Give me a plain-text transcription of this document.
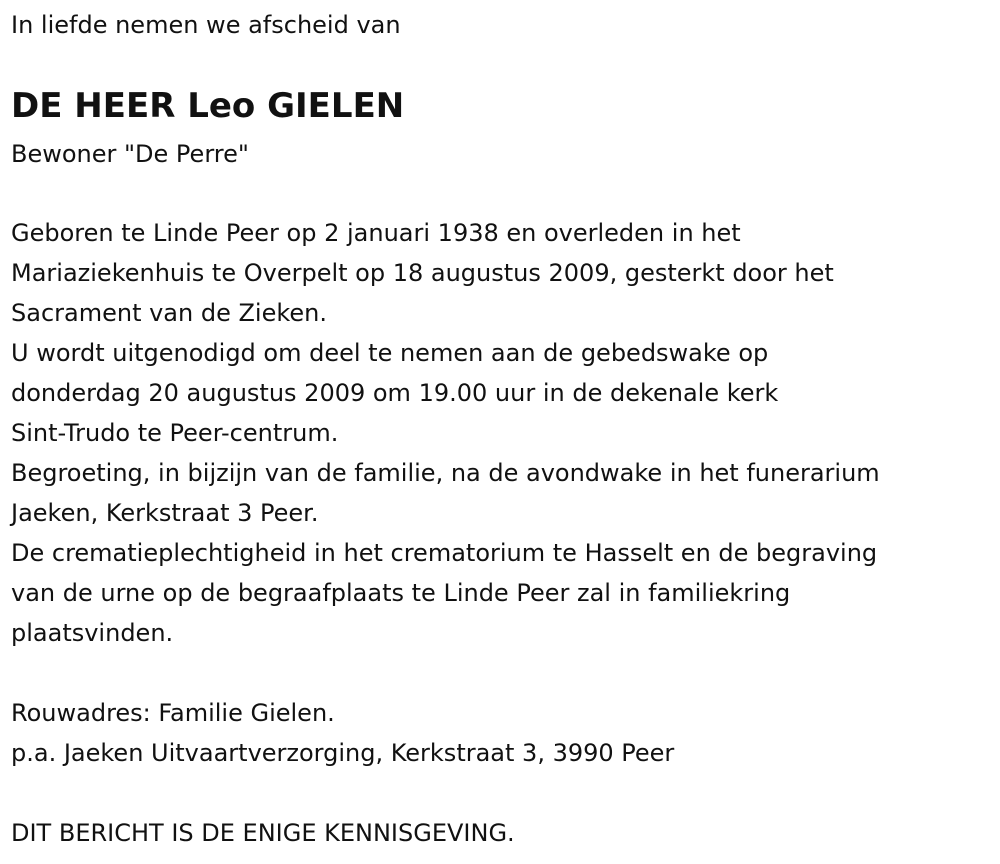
In liefde nemen we afscheid van
DE HEER Leo GIELEN
Bewoner "De Perre"
Geboren te Linde Peer op 2 januari 1938 en overleden in het
Mariaziekenhuis te Overpelt op 18 augustus 2009, gesterkt door het
Sacrament van de Zieken.
U wordt uitgenodigd om deel te nemen aan de gebedswake op
donderdag 20 augustus 2009 om 19.00 uur in de dekenale kerk
Sint-Trudo te Peer-centrum.
Begroeting, in bijzijn van de familie, na de avondwake in het funerarium
Jaeken, Kerkstraat 3 Peer.
De crematieplechtigheid in het crematorium te Hasselt en de begraving
van de urne op de begraafplaats te Linde Peer zal in familiekring
plaatsvinden.
Rouwadres: Familie Gielen.
p.a. Jaeken Uitvaartverzorging, Kerkstraat 3, 3990 Peer
DIT BERICHT IS DE ENIGE KENNISGEVING.
